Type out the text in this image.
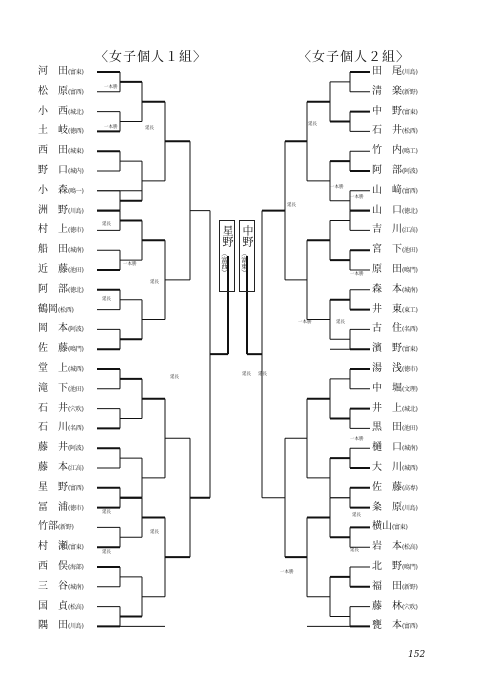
〈女子個人１組〉	〈女子個人２組〉
河　田(富東)
松　原(富西)
小　西(城北)
土　岐(徳西)
西　田(城東)
野　口(城内)
小　森(鳴一)
洲　野(川島)
村　上(徳市)
船　田(城南)
近　藤(池田)
阿　部(徳北)
鶴岡(松西)
岡　本(阿波)
佐　藤(鳴門)
堂　上(城西)
滝　下(池田)
石　井(穴吹)
石　川(名西)
藤　井(阿波)
藤　本(江高)
星　野(富西)
冨　浦(徳市)
竹部(新野)
村　瀬(富東)
西　俣(海部)
三　谷(城南)
国　貞(松高)
隅　田(川島)
田　尾(川島)
清　楽(新野)
中　野(富東)
石　井(松西)
竹　内(鳴工)
阿　部(阿波)
山　﨑(富西)
山　口(徳北)
吉　川(江高)
宮　下(池田)
原　田(鳴門)
森　本(城南)
井　東(東工)
古　住(名西)
濱　野(富東)
湯　浅(徳市)
中　堀(文理)
井　上(城北)
黒　田(池田)
樋　口(城南)
大　川(城西)
佐　藤(高専)
粂　原(川島)
横山(富東)
岩　本(松高)
北　野(鳴門)
福　田(新野)
藤　林(穴吹)
甕　本(富西)
一本勝
一本勝
一本勝
延長
延長
延長
延長
延長
延長
延長
延長
延長
延長
一本勝
一本勝
一本勝
一本勝	延長
一本勝
延長
延長
一本勝
延長
延長
星野
（富西）
中野
（富東）
152
